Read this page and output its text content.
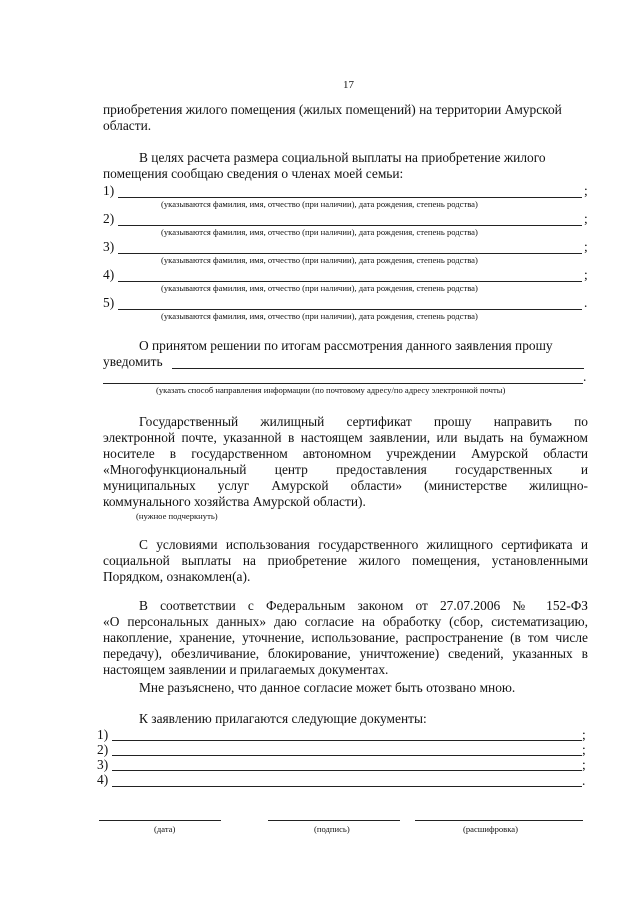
17
приобретения жилого помещения (жилых помещений) на территории Амурской
области.
В целях расчета размера социальной выплаты на приобретение жилого
помещения сообщаю сведения о членах моей семьи:
1)	;
(указываются фамилия, имя, отчество (при наличии), дата рождения, степень родства)
2)	;
(указываются фамилия, имя, отчество (при наличии), дата рождения, степень родства)
3)	;
(указываются фамилия, имя, отчество (при наличии), дата рождения, степень родства)
4)	;
(указываются фамилия, имя, отчество (при наличии), дата рождения, степень родства)
5)	.
(указываются фамилия, имя, отчество (при наличии), дата рождения, степень родства)
О принятом решении по итогам рассмотрения данного заявления прошу
уведомить
.
(указать способ направления информации (по почтовому адресу/по адресу электронной почты)
Государственный жилищный сертификат прошу направить по
электронной почте, указанной в настоящем заявлении, или выдать на бумажном
носителе в государственном автономном учреждении Амурской области
«Многофункциональный центр предоставления государственных и
муниципальных услуг Амурской области» (министерстве жилищно-
коммунального хозяйства Амурской области).
(нужное подчеркнуть)
С условиями использования государственного жилищного сертификата и
социальной выплаты на приобретение жилого помещения, установленными
Порядком, ознакомлен(а).
В соответствии с Федеральным законом от 27.07.2006 № 152-ФЗ
«О персональных данных» даю согласие на обработку (сбор, систематизацию,
накопление, хранение, уточнение, использование, распространение (в том числе
передачу), обезличивание, блокирование, уничтожение) сведений, указанных в
настоящем заявлении и прилагаемых документах.
Мне разъяснено, что данное согласие может быть отозвано мною.
К заявлению прилагаются следующие документы:
1)	;
2)	;
3)	;
4)	.
(дата)	(подпись)	(расшифровка)
